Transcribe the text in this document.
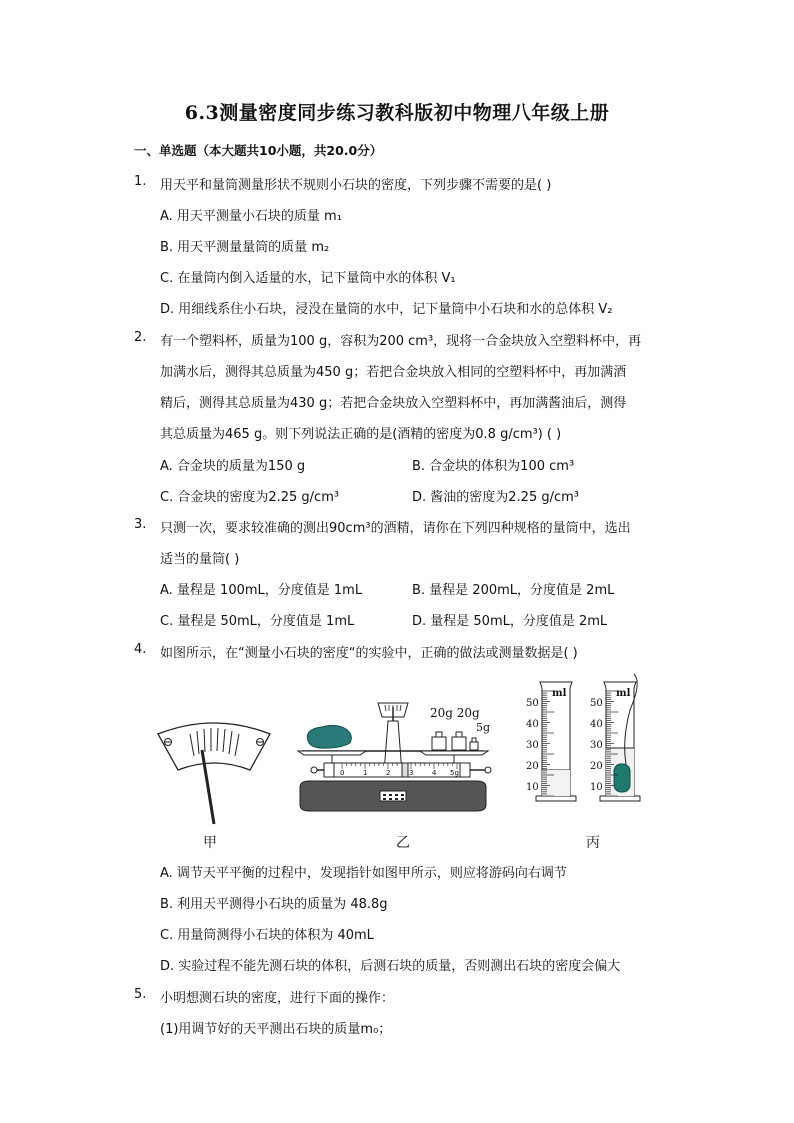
6.3测量密度同步练习教科版初中物理八年级上册
一、单选题（本大题共10小题，共20.0分）
1. 用天平和量筒测量形状不规则小石块的密度，下列步骤不需要的是( )
A. 用天平测量小石块的质量 m₁
B. 用天平测量量筒的质量 m₂
C. 在量筒内倒入适量的水，记下量筒中水的体积 V₁
D. 用细线系住小石块，浸没在量筒的水中，记下量筒中小石块和水的总体积 V₂
2. 有一个塑料杯，质量为100 g，容积为200 cm³，现将一合金块放入空塑料杯中，再
加满水后，测得其总质量为450 g；若把合金块放入相同的空塑料杯中，再加满酒
精后，测得其总质量为430 g；若把合金块放入空塑料杯中，再加满酱油后，测得
其总质量为465 g。则下列说法正确的是(酒精的密度为0.8 g/cm³) ( )
A. 合金块的质量为150 g	B. 合金块的体积为100 cm³
C. 合金块的密度为2.25 g/cm³	D. 酱油的密度为2.25 g/cm³
3. 只测一次，要求较准确的测出90cm³的酒精，请你在下列四种规格的量筒中，选出
适当的量筒( )
A. 量程是 100mL，分度值是 1mL	B. 量程是 200mL，分度值是 2mL
C. 量程是 50mL，分度值是 1mL	D. 量程是 50mL，分度值是 2mL
4. 如图所示，在“测量小石块的密度“的实验中，正确的做法或测量数据是( )
20g 20g
5g
0	1	2	3	4 5g
ml	ml
50
40
30
20
10
50
40
30
20
10
甲	乙	丙
A. 调节天平平衡的过程中，发现指针如图甲所示，则应将游码向右调节
B. 利用天平测得小石块的质量为 48.8g
C. 用量筒测得小石块的体积为 40mL
D. 实验过程不能先测石块的体积，后测石块的质量，否则测出石块的密度会偏大
5. 小明想测石块的密度，进行下面的操作：
(1)用调节好的天平测出石块的质量m₀；
